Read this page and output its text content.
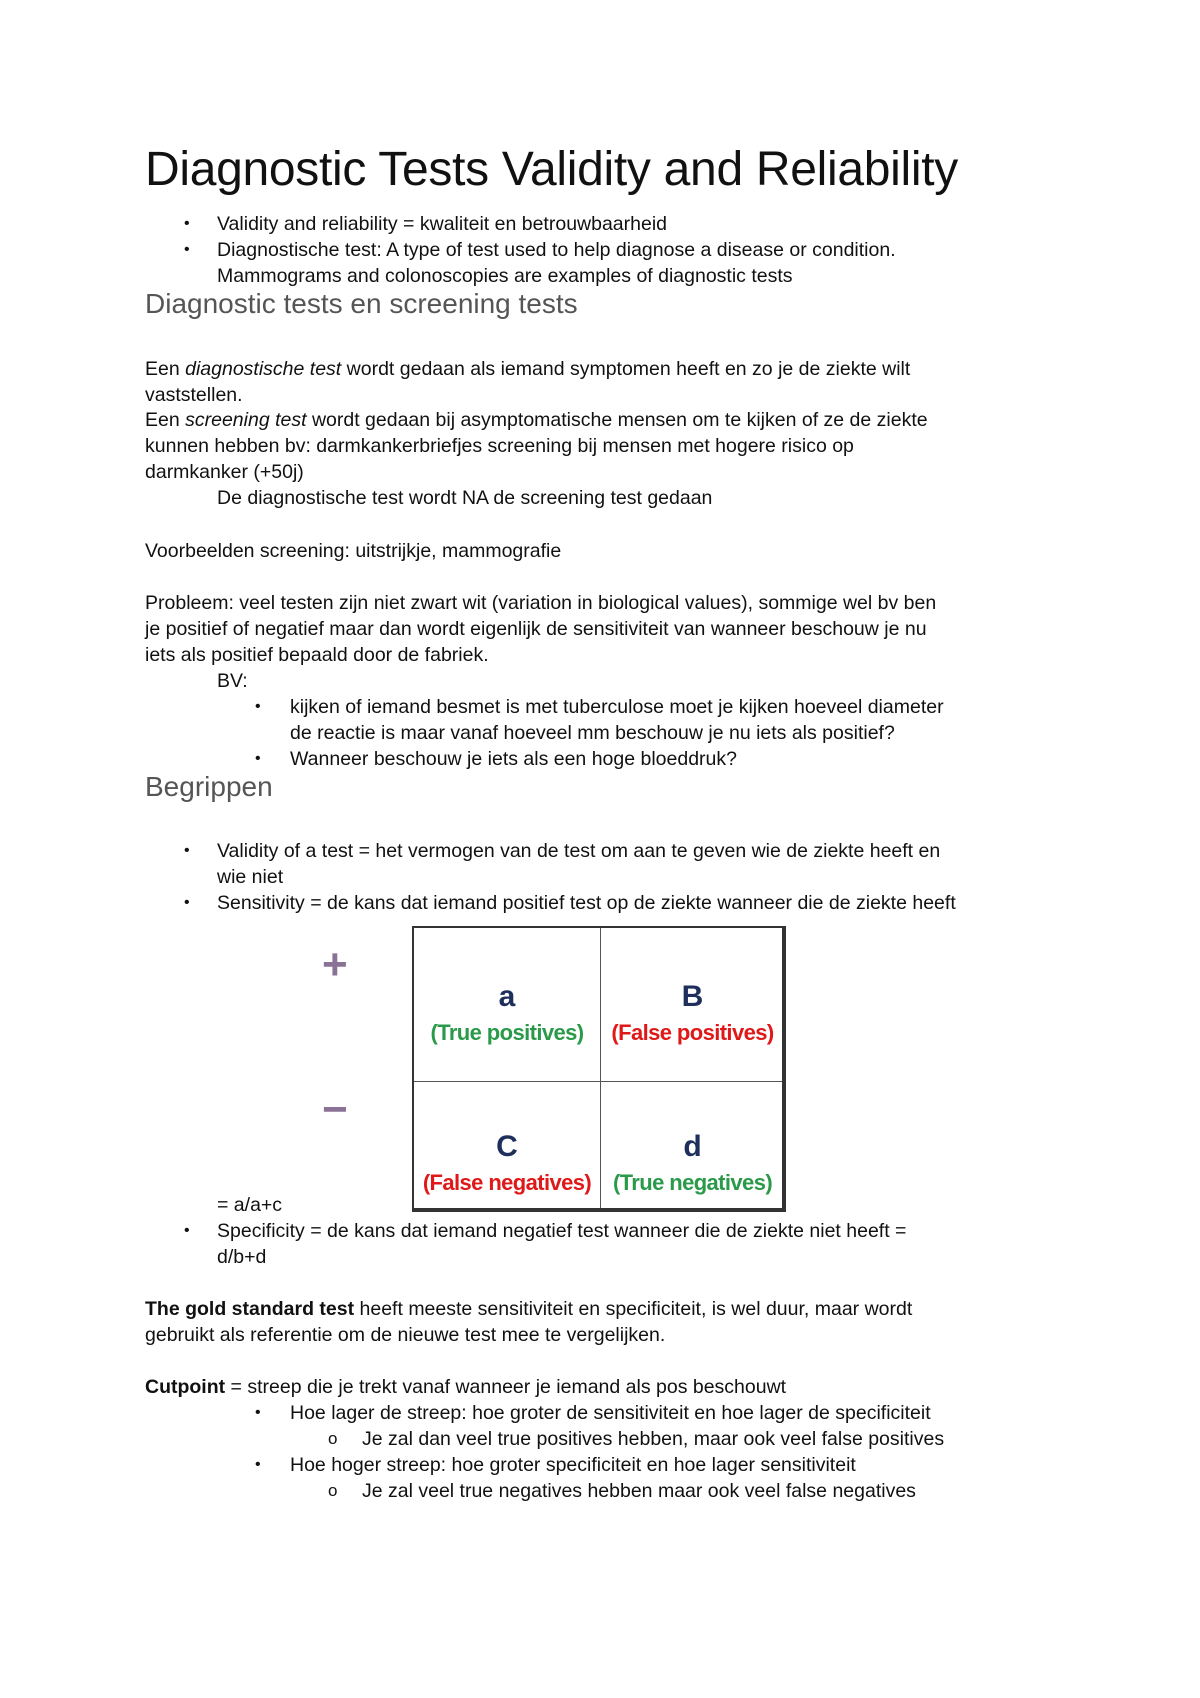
Diagnostic Tests Validity and Reliability
• Validity and reliability = kwaliteit en betrouwbaarheid
• Diagnostische test: A type of test used to help diagnose a disease or condition.
Mammograms and colonoscopies are examples of diagnostic tests
Diagnostic tests en screening tests
Een diagnostische test wordt gedaan als iemand symptomen heeft en zo je de ziekte wilt
vaststellen.
Een screening test wordt gedaan bij asymptomatische mensen om te kijken of ze de ziekte
kunnen hebben bv: darmkankerbriefjes screening bij mensen met hogere risico op
darmkanker (+50j)
De diagnostische test wordt NA de screening test gedaan
Voorbeelden screening: uitstrijkje, mammografie
Probleem: veel testen zijn niet zwart wit (variation in biological values), sommige wel bv ben
je positief of negatief maar dan wordt eigenlijk de sensitiviteit van wanneer beschouw je nu
iets als positief bepaald door de fabriek.
BV:
• kijken of iemand besmet is met tuberculose moet je kijken hoeveel diameter
de reactie is maar vanaf hoeveel mm beschouw je nu iets als positief?
• Wanneer beschouw je iets als een hoge bloeddruk?
Begrippen
• Validity of a test = het vermogen van de test om aan te geven wie de ziekte heeft en
wie niet
• Sensitivity = de kans dat iemand positief test op de ziekte wanneer die de ziekte heeft
+
−
a
(True positives)
B
(False positives)
C
(False negatives)
d
(True negatives)
= a/a+c
• Specificity = de kans dat iemand negatief test wanneer die de ziekte niet heeft =
d/b+d
The gold standard test heeft meeste sensitiviteit en specificiteit, is wel duur, maar wordt
gebruikt als referentie om de nieuwe test mee te vergelijken.
Cutpoint = streep die je trekt vanaf wanneer je iemand als pos beschouwt
• Hoe lager de streep: hoe groter de sensitiviteit en hoe lager de specificiteit
o Je zal dan veel true positives hebben, maar ook veel false positives
• Hoe hoger streep: hoe groter specificiteit en hoe lager sensitiviteit
o Je zal veel true negatives hebben maar ook veel false negatives
